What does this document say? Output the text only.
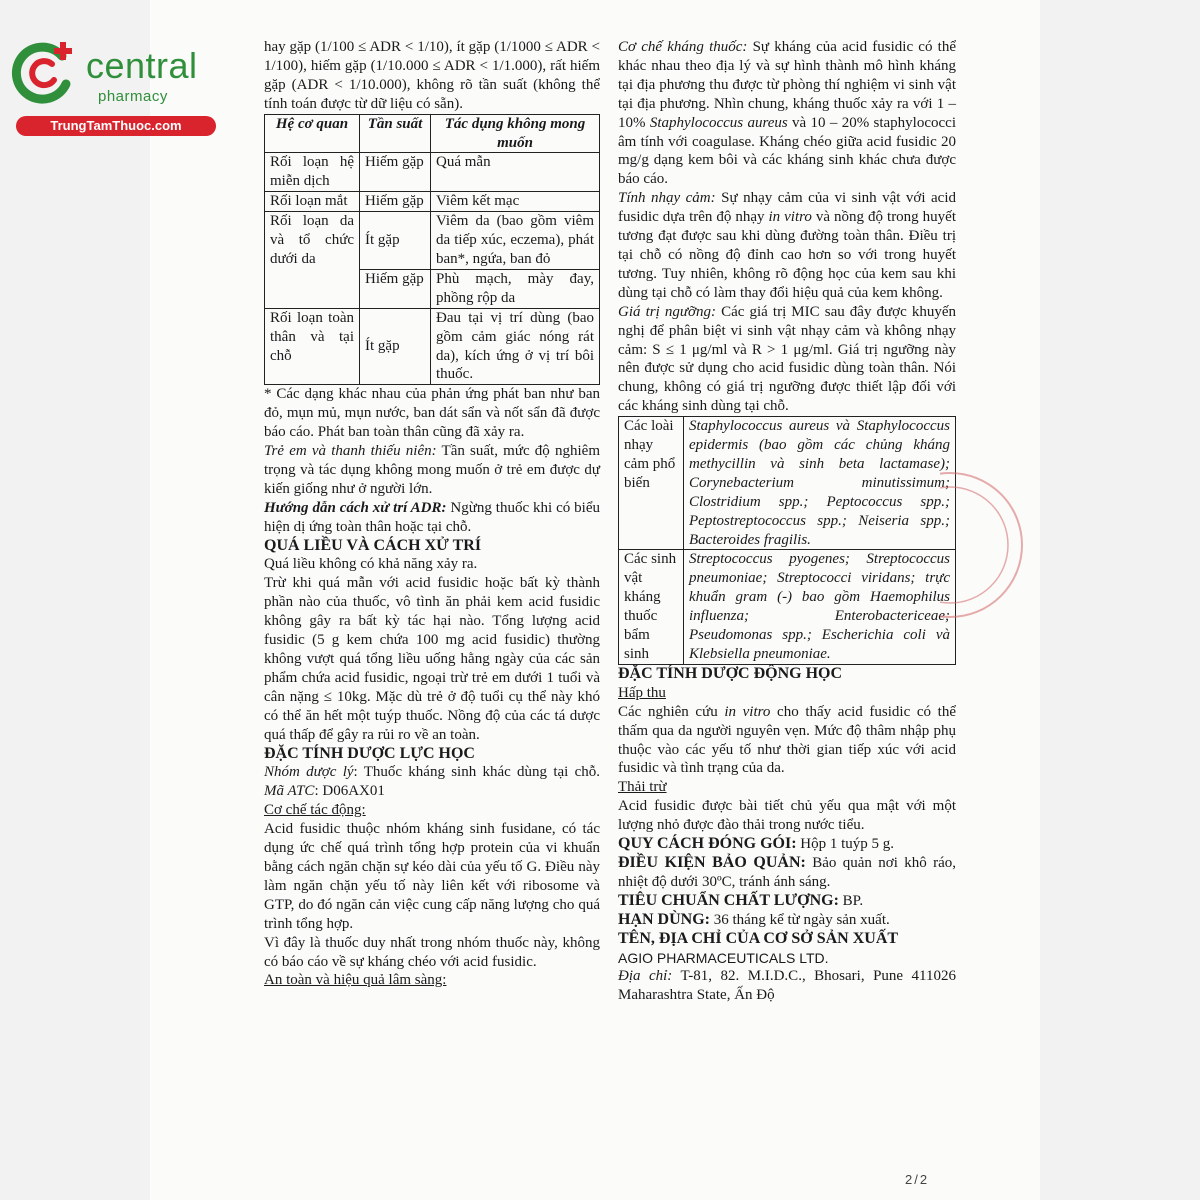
central
pharmacy
TrungTamThuoc.com

hay gặp (1/100 ≤ ADR < 1/10), ít gặp (1/1000 ≤ ADR < 1/100), hiếm gặp (1/10.000 ≤ ADR < 1/1.000), rất hiếm gặp (ADR < 1/10.000), không rõ tần suất (không thể tính toán được từ dữ liệu có sẵn).

Hệ cơ quan	Tần suất	Tác dụng không mong muốn
Rối loạn hệ miễn dịch	Hiếm gặp	Quá mẫn
Rối loạn mắt	Hiếm gặp	Viêm kết mạc
Rối loạn da và tổ chức dưới da	Ít gặp	Viêm da (bao gồm viêm da tiếp xúc, eczema), phát ban*, ngứa, ban đỏ
	Hiếm gặp	Phù mạch, mày đay, phồng rộp da
Rối loạn toàn thân và tại chỗ	Ít gặp	Đau tại vị trí dùng (bao gồm cảm giác nóng rát da), kích ứng ở vị trí bôi thuốc.

* Các dạng khác nhau của phản ứng phát ban như ban đỏ, mụn mủ, mụn nước, ban dát sẩn và nốt sẩn đã được báo cáo. Phát ban toàn thân cũng đã xảy ra.

Trẻ em và thanh thiếu niên: Tần suất, mức độ nghiêm trọng và tác dụng không mong muốn ở trẻ em được dự kiến giống như ở người lớn.

Hướng dẫn cách xử trí ADR: Ngừng thuốc khi có biểu hiện dị ứng toàn thân hoặc tại chỗ.

QUÁ LIỀU VÀ CÁCH XỬ TRÍ

Quá liều không có khả năng xảy ra.

Trừ khi quá mẫn với acid fusidic hoặc bất kỳ thành phần nào của thuốc, vô tình ăn phải kem acid fusidic không gây ra bất kỳ tác hại nào. Tổng lượng acid fusidic (5 g kem chứa 100 mg acid fusidic) thường không vượt quá tổng liều uống hằng ngày của các sản phẩm chứa acid fusidic, ngoại trừ trẻ em dưới 1 tuổi và cân nặng ≤ 10kg. Mặc dù trẻ ở độ tuổi cụ thể này khó có thể ăn hết một tuýp thuốc. Nồng độ của các tá dược quá thấp để gây ra rủi ro về an toàn.

ĐẶC TÍNH DƯỢC LỰC HỌC

Nhóm dược lý: Thuốc kháng sinh khác dùng tại chỗ. Mã ATC: D06AX01

Cơ chế tác động:

Acid fusidic thuộc nhóm kháng sinh fusidane, có tác dụng ức chế quá trình tổng hợp protein của vi khuẩn bằng cách ngăn chặn sự kéo dài của yếu tố G. Điều này làm ngăn chặn yếu tố này liên kết với ribosome và GTP, do đó ngăn cản việc cung cấp năng lượng cho quá trình tổng hợp.

Vì đây là thuốc duy nhất trong nhóm thuốc này, không có báo cáo về sự kháng chéo với acid fusidic.

An toàn và hiệu quả lâm sàng:

Cơ chế kháng thuốc: Sự kháng của acid fusidic có thể khác nhau theo địa lý và sự hình thành mô hình kháng tại địa phương thu được từ phòng thí nghiệm vi sinh vật tại địa phương. Nhìn chung, kháng thuốc xảy ra với 1 – 10% Staphylococcus aureus và 10 – 20% staphylococci âm tính với coagulase. Kháng chéo giữa acid fusidic 20 mg/g dạng kem bôi và các kháng sinh khác chưa được báo cáo.

Tính nhạy cảm: Sự nhạy cảm của vi sinh vật với acid fusidic dựa trên độ nhạy in vitro và nồng độ trong huyết tương đạt được sau khi dùng đường toàn thân. Điều trị tại chỗ có nồng độ đỉnh cao hơn so với trong huyết tương. Tuy nhiên, không rõ động học của kem sau khi dùng tại chỗ có làm thay đổi hiệu quả của kem không.

Giá trị ngưỡng: Các giá trị MIC sau đây được khuyến nghị để phân biệt vi sinh vật nhạy cảm và không nhạy cảm: S ≤ 1 μg/ml và R > 1 μg/ml. Giá trị ngưỡng này nên được sử dụng cho acid fusidic dùng toàn thân. Nói chung, không có giá trị ngưỡng được thiết lập đối với các kháng sinh dùng tại chỗ.

Các loài nhạy cảm phổ biến	Staphylococcus aureus và Staphylococcus epidermis (bao gồm các chủng kháng methycillin và sinh beta lactamase); Corynebacterium minutissimum; Clostridium spp.; Peptococcus spp.; Peptostreptococcus spp.; Neiseria spp.; Bacteroides fragilis.
Các sinh vật kháng thuốc bẩm sinh	Streptococcus pyogenes; Streptococcus pneumoniae; Streptococci viridans; trực khuẩn gram (-) bao gồm Haemophilus influenza; Enterobactericeae; Pseudomonas spp.; Escherichia coli và Klebsiella pneumoniae.

ĐẶC TÍNH DƯỢC ĐỘNG HỌC

Hấp thu

Các nghiên cứu in vitro cho thấy acid fusidic có thể thấm qua da người nguyên vẹn. Mức độ thâm nhập phụ thuộc vào các yếu tố như thời gian tiếp xúc với acid fusidic và tình trạng của da.

Thải trừ

Acid fusidic được bài tiết chủ yếu qua mật với một lượng nhỏ được đào thải trong nước tiểu.

QUY CÁCH ĐÓNG GÓI: Hộp 1 tuýp 5 g.

ĐIỀU KIỆN BẢO QUẢN: Bảo quản nơi khô ráo, nhiệt độ dưới 30ºC, tránh ánh sáng.

TIÊU CHUẨN CHẤT LƯỢNG: BP.

HẠN DÙNG: 36 tháng kể từ ngày sản xuất.

TÊN, ĐỊA CHỈ CỦA CƠ SỞ SẢN XUẤT

AGIO PHARMACEUTICALS LTD.

Địa chỉ: T-81, 82. M.I.D.C., Bhosari, Pune 411026 Maharashtra State, Ấn Độ

2/2
